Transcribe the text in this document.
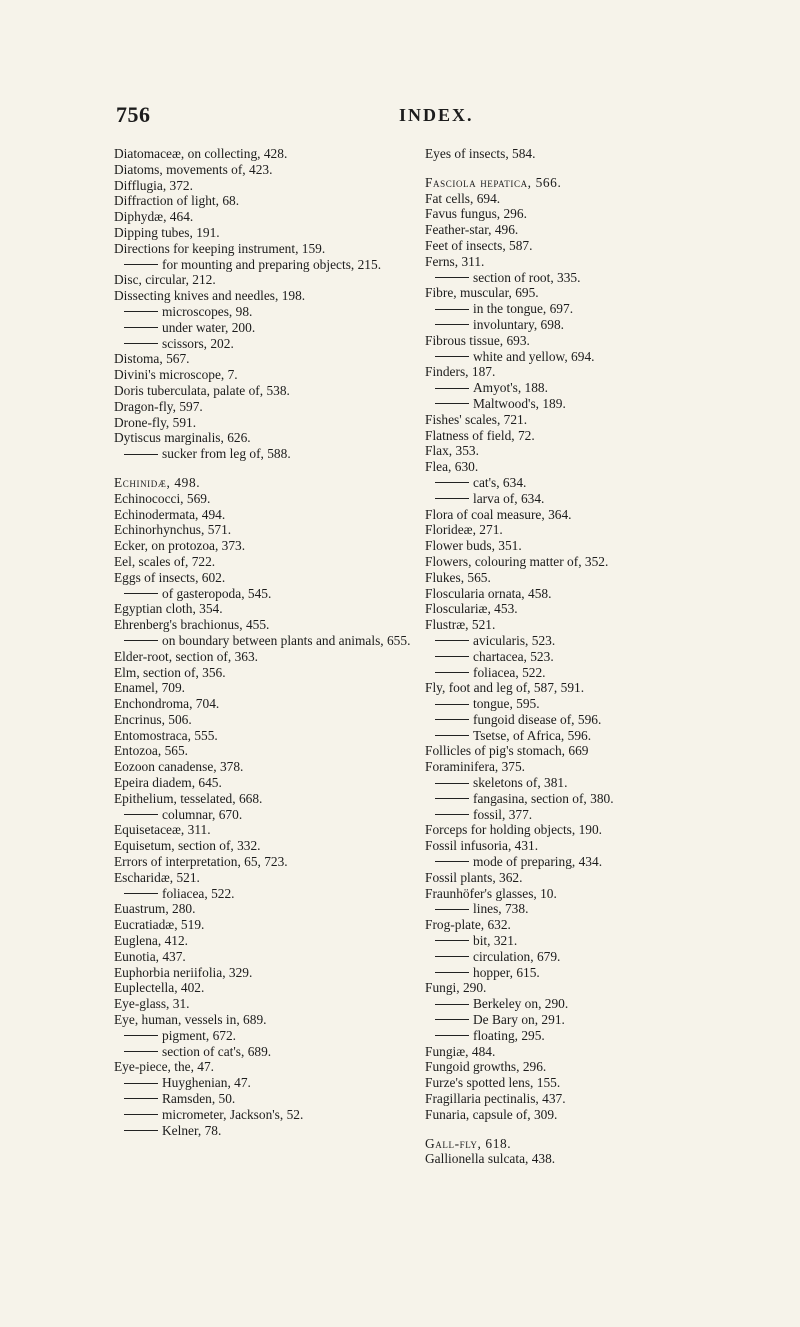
756	INDEX.
Diatomaceæ, on collecting, 428.
Diatoms, movements of, 423.
Difflugia, 372.
Diffraction of light, 68.
Diphydæ, 464.
Dipping tubes, 191.
Directions for keeping instrument, 159.
for mounting and preparing objects, 215.
Disc, circular, 212.
Dissecting knives and needles, 198.
microscopes, 98.
under water, 200.
scissors, 202.
Distoma, 567.
Divini's microscope, 7.
Doris tuberculata, palate of, 538.
Dragon-fly, 597.
Drone-fly, 591.
Dytiscus marginalis, 626.
sucker from leg of, 588.
Echinidæ, 498.
Echinococci, 569.
Echinodermata, 494.
Echinorhynchus, 571.
Ecker, on protozoa, 373.
Eel, scales of, 722.
Eggs of insects, 602.
of gasteropoda, 545.
Egyptian cloth, 354.
Ehrenberg's brachionus, 455.
on boundary between plants and animals, 655.
Elder-root, section of, 363.
Elm, section of, 356.
Enamel, 709.
Enchondroma, 704.
Encrinus, 506.
Entomostraca, 555.
Entozoa, 565.
Eozoon canadense, 378.
Epeira diadem, 645.
Epithelium, tesselated, 668.
columnar, 670.
Equisetaceæ, 311.
Equisetum, section of, 332.
Errors of interpretation, 65, 723.
Escharidæ, 521.
foliacea, 522.
Euastrum, 280.
Eucratiadæ, 519.
Euglena, 412.
Eunotia, 437.
Euphorbia neriifolia, 329.
Euplectella, 402.
Eye-glass, 31.
Eye, human, vessels in, 689.
pigment, 672.
section of cat's, 689.
Eye-piece, the, 47.
Huyghenian, 47.
Ramsden, 50.
micrometer, Jackson's, 52.
Kelner, 78.
Eyes of insects, 584.
Fasciola hepatica, 566.
Fat cells, 694.
Favus fungus, 296.
Feather-star, 496.
Feet of insects, 587.
Ferns, 311.
section of root, 335.
Fibre, muscular, 695.
in the tongue, 697.
involuntary, 698.
Fibrous tissue, 693.
white and yellow, 694.
Finders, 187.
Amyot's, 188.
Maltwood's, 189.
Fishes' scales, 721.
Flatness of field, 72.
Flax, 353.
Flea, 630.
cat's, 634.
larva of, 634.
Flora of coal measure, 364.
Florideæ, 271.
Flower buds, 351.
Flowers, colouring matter of, 352.
Flukes, 565.
Floscularia ornata, 458.
Flosculariæ, 453.
Flustræ, 521.
avicularis, 523.
chartacea, 523.
foliacea, 522.
Fly, foot and leg of, 587, 591.
tongue, 595.
fungoid disease of, 596.
Tsetse, of Africa, 596.
Follicles of pig's stomach, 669
Foraminifera, 375.
skeletons of, 381.
fangasina, section of, 380.
fossil, 377.
Forceps for holding objects, 190.
Fossil infusoria, 431.
mode of preparing, 434.
Fossil plants, 362.
Fraunhöfer's glasses, 10.
lines, 738.
Frog-plate, 632.
bit, 321.
circulation, 679.
hopper, 615.
Fungi, 290.
Berkeley on, 290.
De Bary on, 291.
floating, 295.
Fungiæ, 484.
Fungoid growths, 296.
Furze's spotted lens, 155.
Fragillaria pectinalis, 437.
Funaria, capsule of, 309.
Gall-fly, 618.
Gallionella sulcata, 438.
